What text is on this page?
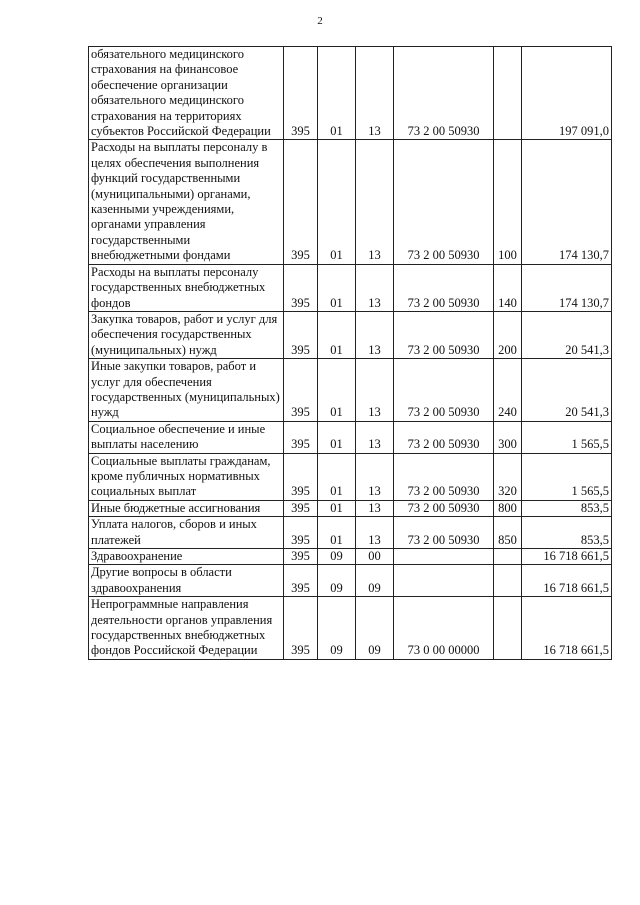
2
обязательного медицинского страхования на финансовое обеспечение организации обязательного медицинского страхования на территориях субъектов Российской Федерации	395	01	13	73 2 00 50930		197 091,0
Расходы на выплаты персоналу в целях обеспечения выполнения функций государственными (муниципальными) органами, казенными учреждениями, органами управления государственными внебюджетными фондами	395	01	13	73 2 00 50930	100	174 130,7
Расходы на выплаты персоналу государственных внебюджетных фондов	395	01	13	73 2 00 50930	140	174 130,7
Закупка товаров, работ и услуг для обеспечения государственных (муниципальных) нужд	395	01	13	73 2 00 50930	200	20 541,3
Иные закупки товаров, работ и услуг для обеспечения государственных (муниципальных) нужд	395	01	13	73 2 00 50930	240	20 541,3
Социальное обеспечение и иные выплаты населению	395	01	13	73 2 00 50930	300	1 565,5
Социальные выплаты гражданам, кроме публичных нормативных социальных выплат	395	01	13	73 2 00 50930	320	1 565,5
Иные бюджетные ассигнования	395	01	13	73 2 00 50930	800	853,5
Уплата налогов, сборов и иных платежей	395	01	13	73 2 00 50930	850	853,5
Здравоохранение	395	09	00			16 718 661,5
Другие вопросы в области здравоохранения	395	09	09			16 718 661,5
Непрограммные направления деятельности органов управления государственных внебюджетных фондов Российской Федерации	395	09	09	73 0 00 00000		16 718 661,5
